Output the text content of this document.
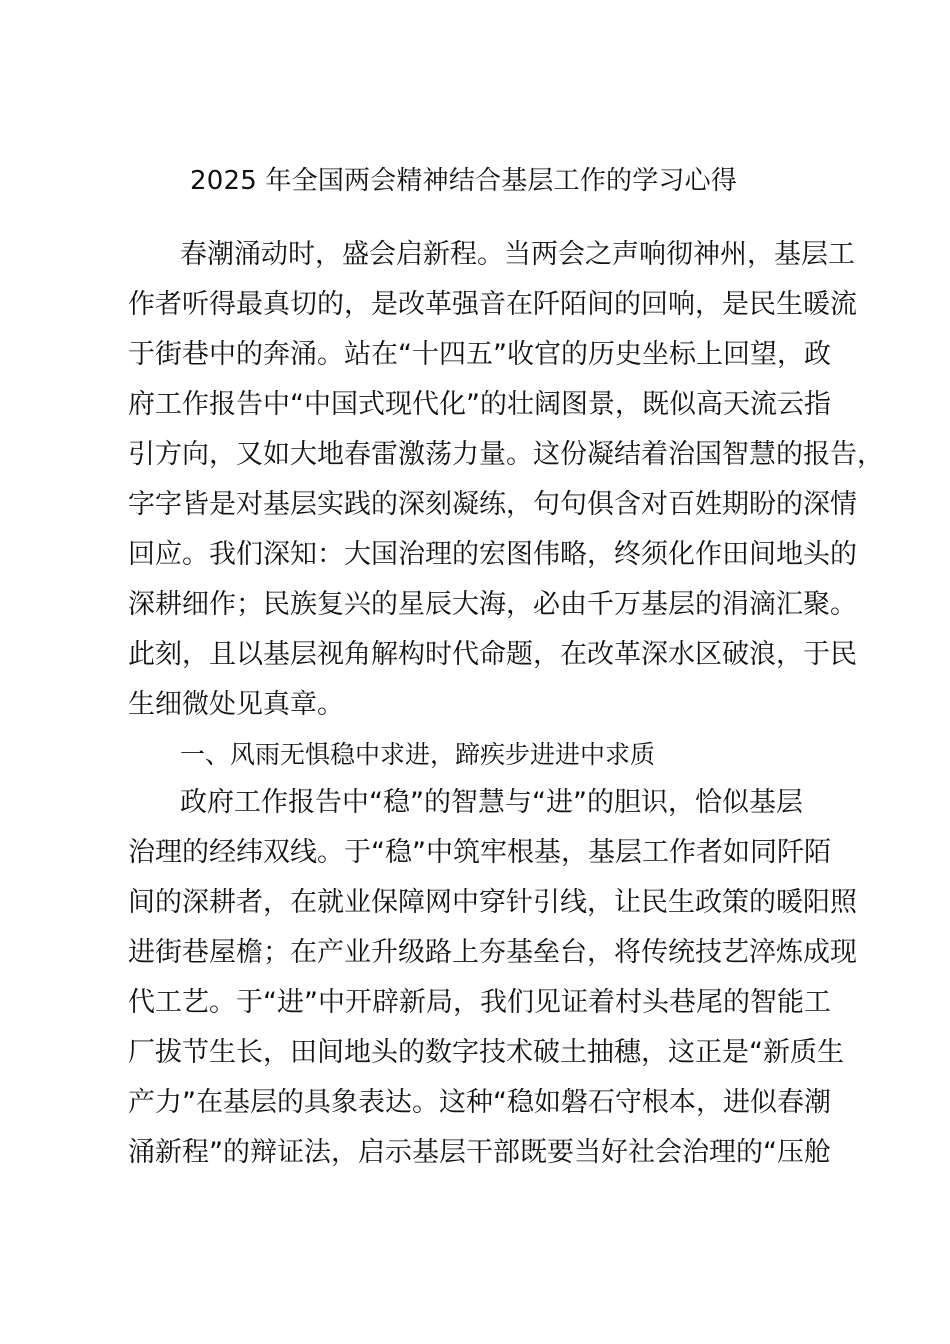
2025 年全国两会精神结合基层工作的学习心得
春潮涌动时，盛会启新程。当两会之声响彻神州，基层工
作者听得最真切的，是改革强音在阡陌间的回响，是民生暖流
于街巷中的奔涌。站在“十四五”收官的历史坐标上回望，政
府工作报告中“中国式现代化”的壮阔图景，既似高天流云指
引方向，又如大地春雷激荡力量。这份凝结着治国智慧的报告，
字字皆是对基层实践的深刻凝练，句句俱含对百姓期盼的深情
回应。我们深知：大国治理的宏图伟略，终须化作田间地头的
深耕细作；民族复兴的星辰大海，必由千万基层的涓滴汇聚。
此刻，且以基层视角解构时代命题，在改革深水区破浪，于民
生细微处见真章。
一、风雨无惧稳中求进，蹄疾步进进中求质
政府工作报告中“稳”的智慧与“进”的胆识，恰似基层
治理的经纬双线。于“稳”中筑牢根基，基层工作者如同阡陌
间的深耕者，在就业保障网中穿针引线，让民生政策的暖阳照
进街巷屋檐；在产业升级路上夯基垒台，将传统技艺淬炼成现
代工艺。于“进”中开辟新局，我们见证着村头巷尾的智能工
厂拔节生长，田间地头的数字技术破土抽穗，这正是“新质生
产力”在基层的具象表达。这种“稳如磐石守根本，进似春潮
涌新程”的辩证法，启示基层干部既要当好社会治理的“压舱
